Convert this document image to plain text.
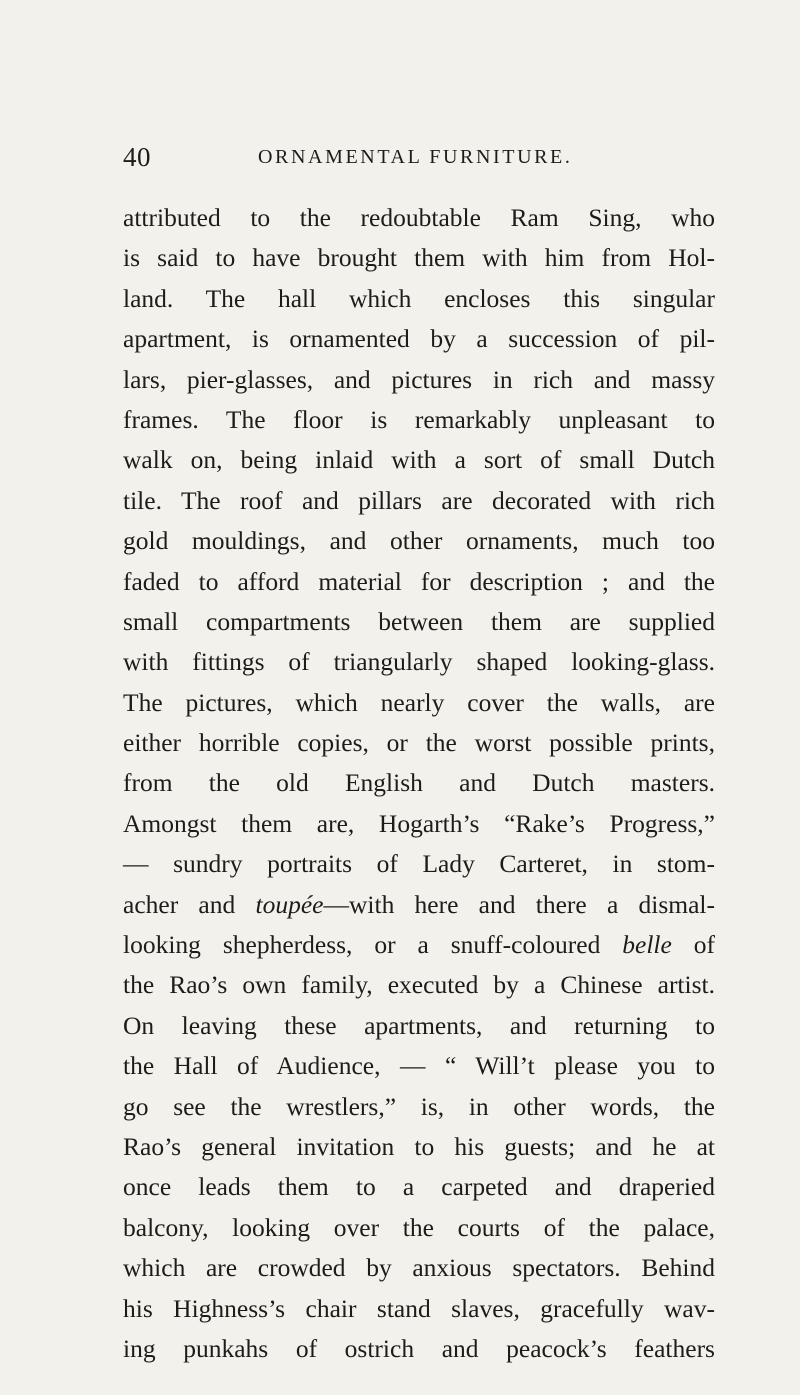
40	ORNAMENTAL FURNITURE.
attributed to the redoubtable Ram Sing, who
is said to have brought them with him from Hol-
land. The hall which encloses this singular
apartment, is ornamented by a succession of pil-
lars, pier-glasses, and pictures in rich and massy
frames. The floor is remarkably unpleasant to
walk on, being inlaid with a sort of small Dutch
tile. The roof and pillars are decorated with rich
gold mouldings, and other ornaments, much too
faded to afford material for description ; and the
small compartments between them are supplied
with fittings of triangularly shaped looking-glass.
The pictures, which nearly cover the walls, are
either horrible copies, or the worst possible prints,
from the old English and Dutch masters.
Amongst them are, Hogarth’s “Rake’s Progress,”
— sundry portraits of Lady Carteret, in stom-
acher and toupée—with here and there a dismal-
looking shepherdess, or a snuff-coloured belle of
the Rao’s own family, executed by a Chinese artist.
On leaving these apartments, and returning to
the Hall of Audience, — “ Will’t please you to
go see the wrestlers,” is, in other words, the
Rao’s general invitation to his guests; and he at
once leads them to a carpeted and draperied
balcony, looking over the courts of the palace,
which are crowded by anxious spectators. Behind
his Highness’s chair stand slaves, gracefully wav-
ing punkahs of ostrich and peacock’s feathers
